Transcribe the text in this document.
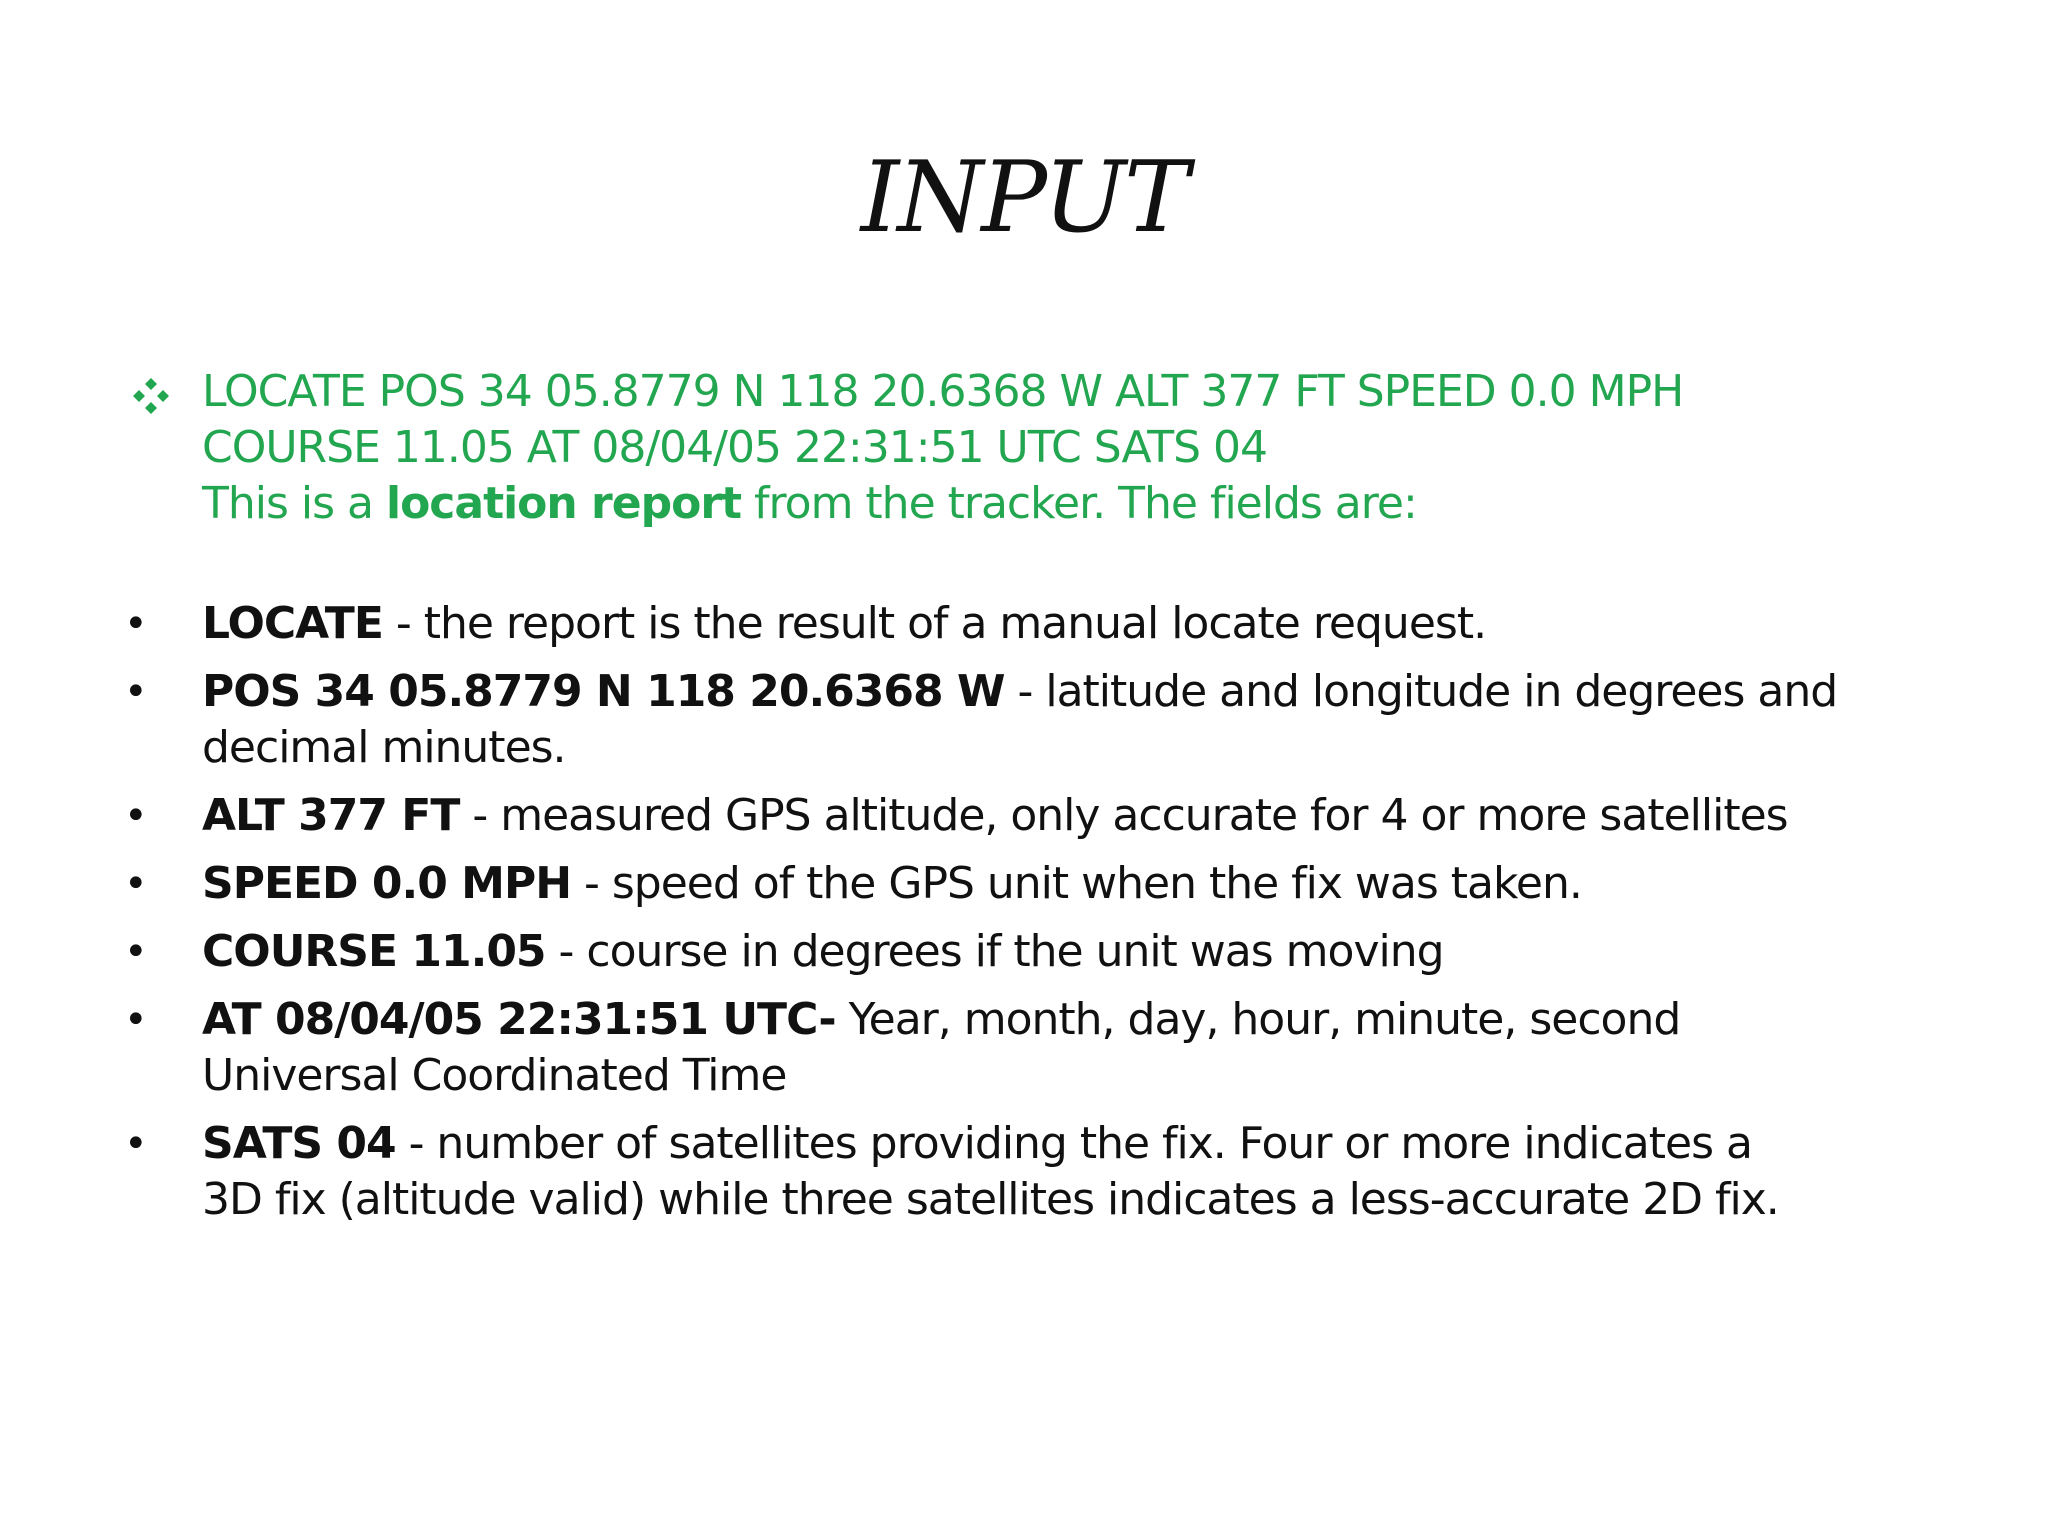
INPUT
LOCATE POS 34 05.8779 N 118 20.6368 W ALT 377 FT SPEED 0.0 MPH
COURSE 11.05 AT 08/04/05 22:31:51 UTC SATS 04
This is a location report from the tracker. The fields are:
•	LOCATE - the report is the result of a manual locate request.
•	POS 34 05.8779 N 118 20.6368 W - latitude and longitude in degrees and
decimal minutes.
•	ALT 377 FT - measured GPS altitude, only accurate for 4 or more satellites
•	SPEED 0.0 MPH - speed of the GPS unit when the fix was taken.
•	COURSE 11.05 - course in degrees if the unit was moving
•	AT 08/04/05 22:31:51 UTC- Year, month, day, hour, minute, second
Universal Coordinated Time
•	SATS 04 - number of satellites providing the fix. Four or more indicates a
3D fix (altitude valid) while three satellites indicates a less-accurate 2D fix.
